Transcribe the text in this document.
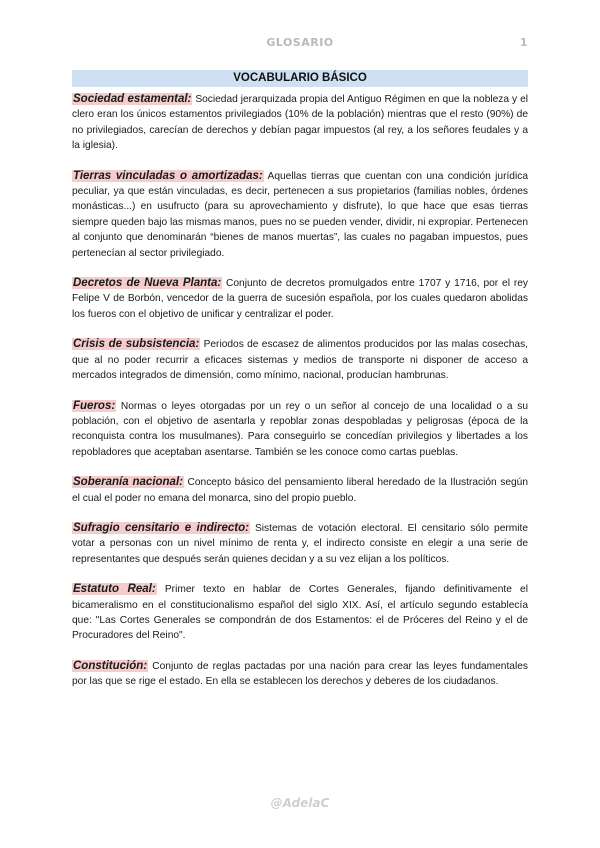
GLOSARIO	1
VOCABULARIO BÁSICO

Sociedad estamental: Sociedad jerarquizada propia del Antiguo Régimen en que la nobleza y el clero eran los únicos estamentos privilegiados (10% de la población) mientras que el resto (90%) de no privilegiados, carecían de derechos y debían pagar impuestos (al rey, a los señores feudales y a la iglesia).

Tierras vinculadas o amortizadas: Aquellas tierras que cuentan con una condición jurídica peculiar, ya que están vinculadas, es decir, pertenecen a sus propietarios (familias nobles, órdenes monásticas...) en usufructo (para su aprovechamiento y disfrute), lo que hace que esas tierras siempre queden bajo las mismas manos, pues no se pueden vender, dividir, ni expropiar. Pertenecen al conjunto que denominarán “bienes de manos muertas”, las cuales no pagaban impuestos, pues pertenecían al sector privilegiado.

Decretos de Nueva Planta: Conjunto de decretos promulgados entre 1707 y 1716, por el rey Felipe V de Borbón, vencedor de la guerra de sucesión española, por los cuales quedaron abolidas los fueros con el objetivo de unificar y centralizar el poder.

Crisis de subsistencia: Periodos de escasez de alimentos producidos por las malas cosechas, que al no poder recurrir a eficaces sistemas y medios de transporte ni disponer de acceso a mercados integrados de dimensión, como mínimo, nacional, producían hambrunas.

Fueros: Normas o leyes otorgadas por un rey o un señor al concejo de una localidad o a su población, con el objetivo de asentarla y repoblar zonas despobladas y peligrosas (época de la reconquista contra los musulmanes). Para conseguirlo se concedían privilegios y libertades a los repobladores que aceptaban asentarse. También se les conoce como cartas pueblas.

Soberanía nacional: Concepto básico del pensamiento liberal heredado de la Ilustración según el cual el poder no emana del monarca, sino del propio pueblo.

Sufragio censitario e indirecto: Sistemas de votación electoral. El censitario sólo permite votar a personas con un nivel mínimo de renta y, el indirecto consiste en elegir a una serie de representantes que después serán quienes decidan y a su vez elijan a los políticos.

Estatuto Real: Primer texto en hablar de Cortes Generales, fijando definitivamente el bicameralismo en el constitucionalismo español del siglo XIX. Así, el artículo segundo establecía que: "Las Cortes Generales se compondrán de dos Estamentos: el de Próceres del Reino y el de Procuradores del Reino".

Constitución: Conjunto de reglas pactadas por una nación para crear las leyes fundamentales por las que se rige el estado. En ella se establecen los derechos y deberes de los ciudadanos.

@AdelaC
